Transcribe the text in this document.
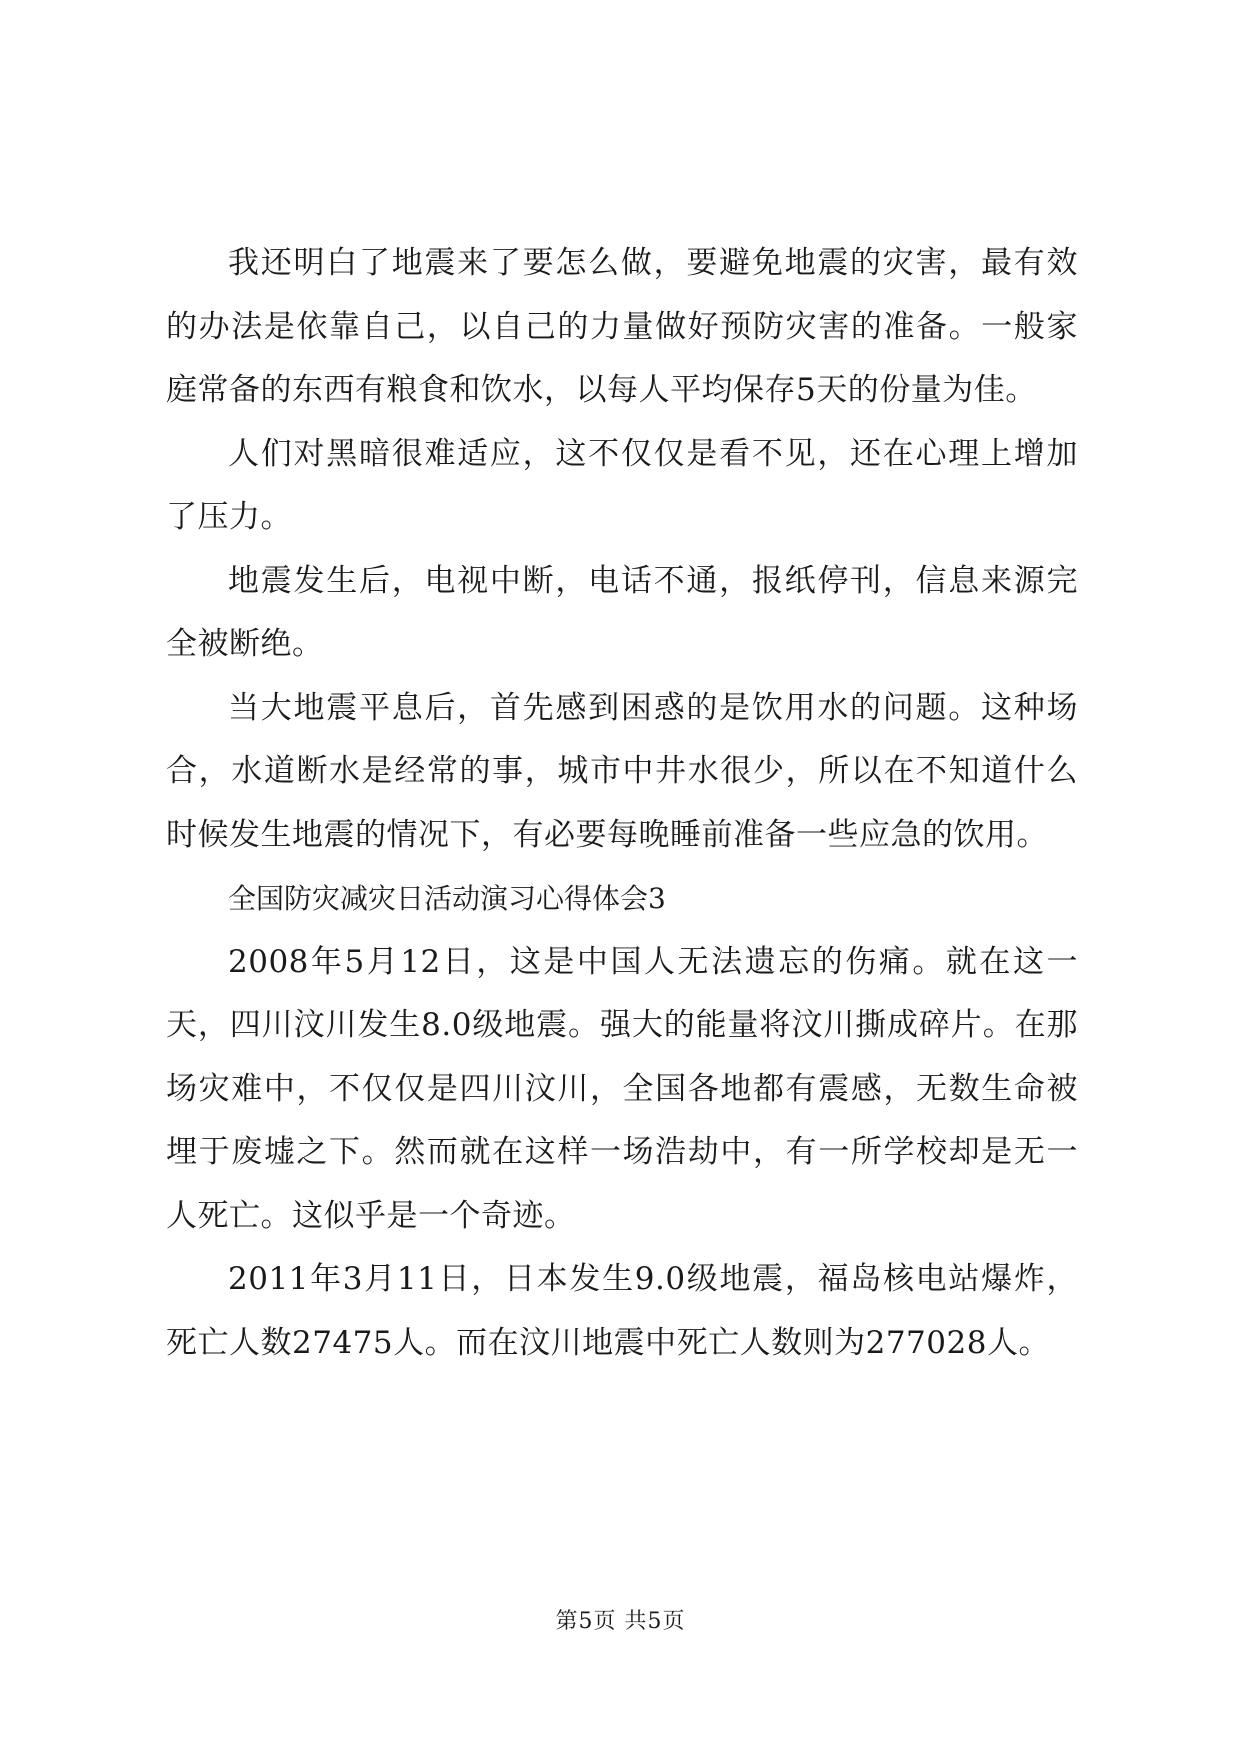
我还明白了地震来了要怎么做，要避免地震的灾害，最有效的办法是依靠自己，以自己的力量做好预防灾害的准备。一般家庭常备的东西有粮食和饮水，以每人平均保存5天的份量为佳。

人们对黑暗很难适应，这不仅仅是看不见，还在心理上增加了压力。

地震发生后，电视中断，电话不通，报纸停刊，信息来源完全被断绝。

当大地震平息后，首先感到困惑的是饮用水的问题。这种场合，水道断水是经常的事，城市中井水很少，所以在不知道什么时候发生地震的情况下，有必要每晚睡前准备一些应急的饮用。

全国防灾减灾日活动演习心得体会3

2008年5月12日，这是中国人无法遗忘的伤痛。就在这一天，四川汶川发生8.0级地震。强大的能量将汶川撕成碎片。在那场灾难中，不仅仅是四川汶川，全国各地都有震感，无数生命被埋于废墟之下。然而就在这样一场浩劫中，有一所学校却是无一人死亡。这似乎是一个奇迹。

2011年3月11日，日本发生9.0级地震，福岛核电站爆炸，死亡人数27475人。而在汶川地震中死亡人数则为277028人。

第5页 共5页
